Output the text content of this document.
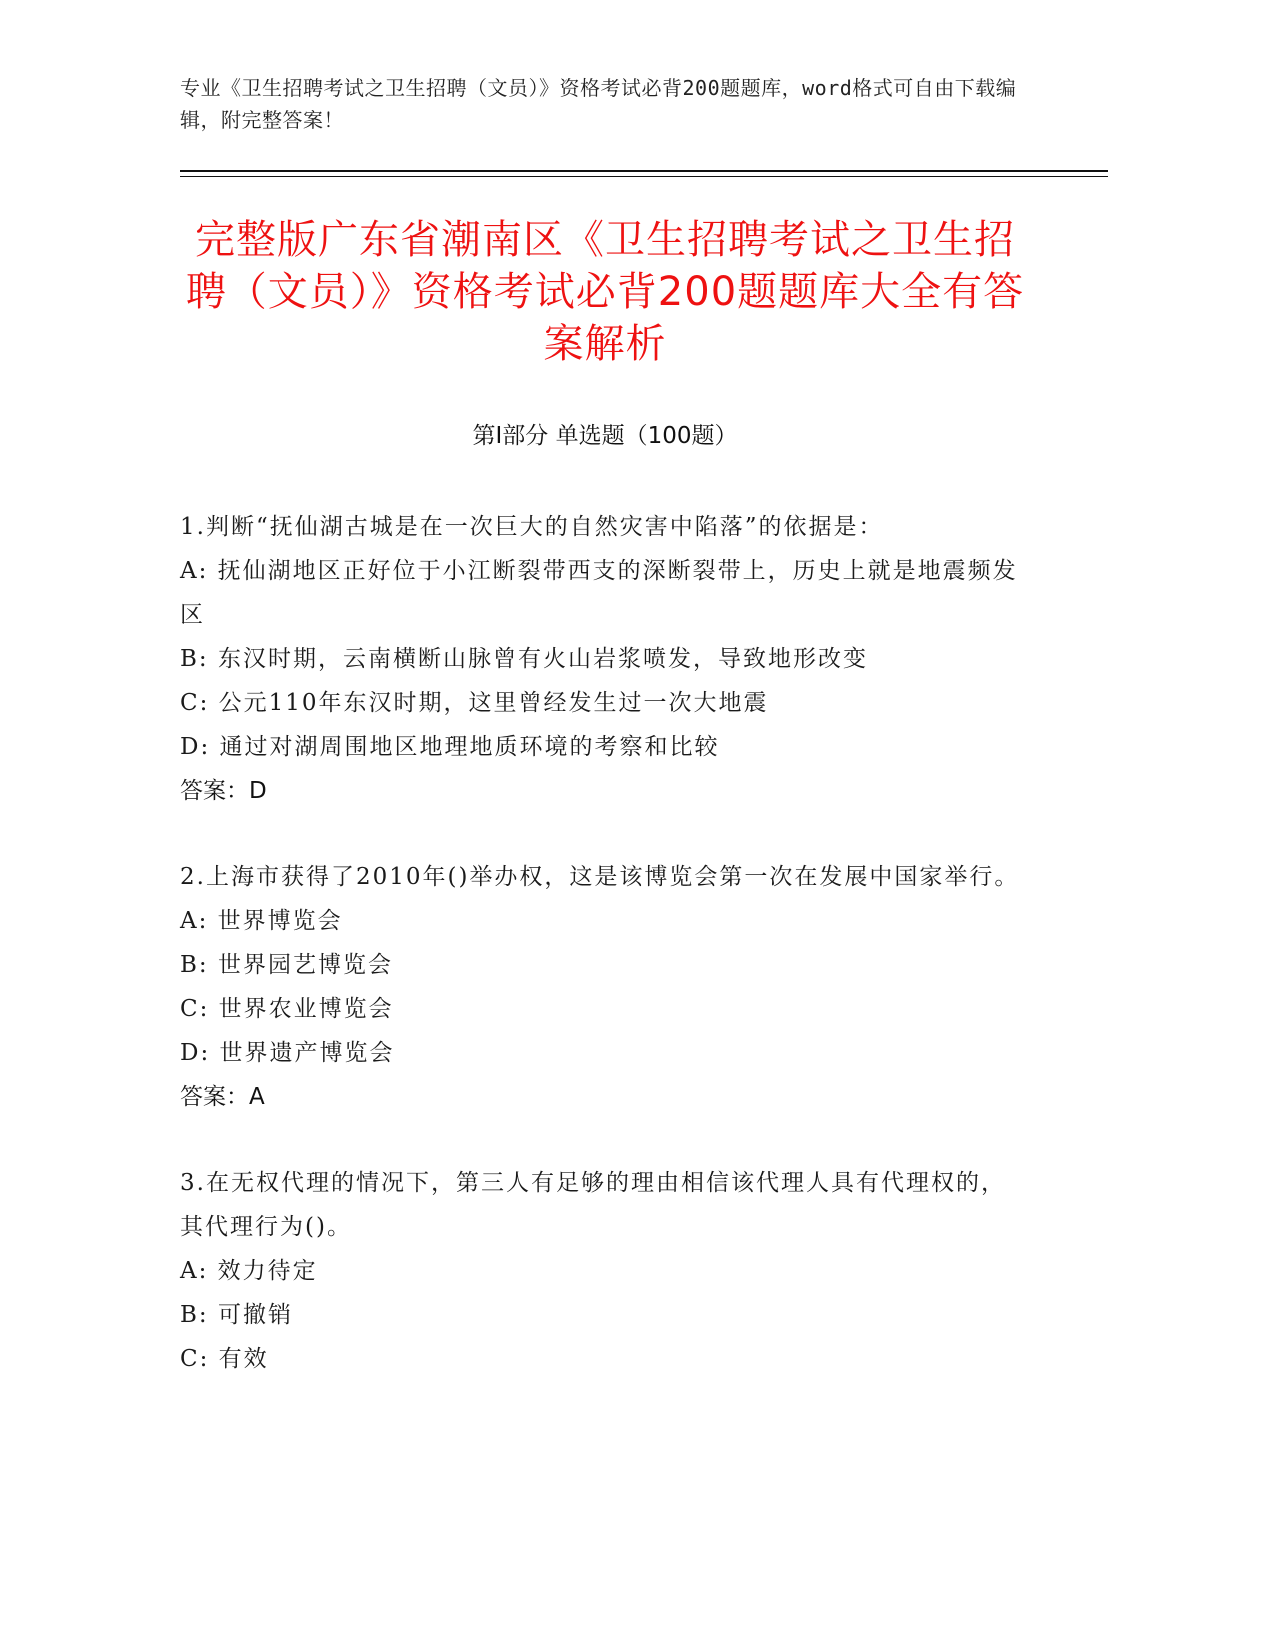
专业《卫生招聘考试之卫生招聘（文员）》资格考试必背200题题库，word格式可自由下载编辑，附完整答案！
完整版广东省潮南区《卫生招聘考试之卫生招聘（文员）》资格考试必背200题题库大全有答案解析
第I部分 单选题（100题）

1.判断“抚仙湖古城是在一次巨大的自然灾害中陷落”的依据是：

A: 抚仙湖地区正好位于小江断裂带西支的深断裂带上，历史上就是地震频发区

B: 东汉时期，云南横断山脉曾有火山岩浆喷发，导致地形改变

C: 公元110年东汉时期，这里曾经发生过一次大地震

D: 通过对湖周围地区地理地质环境的考察和比较

答案：D

2.上海市获得了2010年()举办权，这是该博览会第一次在发展中国家举行。

A: 世界博览会

B: 世界园艺博览会

C: 世界农业博览会

D: 世界遗产博览会

答案：A

3.在无权代理的情况下，第三人有足够的理由相信该代理人具有代理权的，其代理行为()。

A: 效力待定

B: 可撤销

C: 有效
